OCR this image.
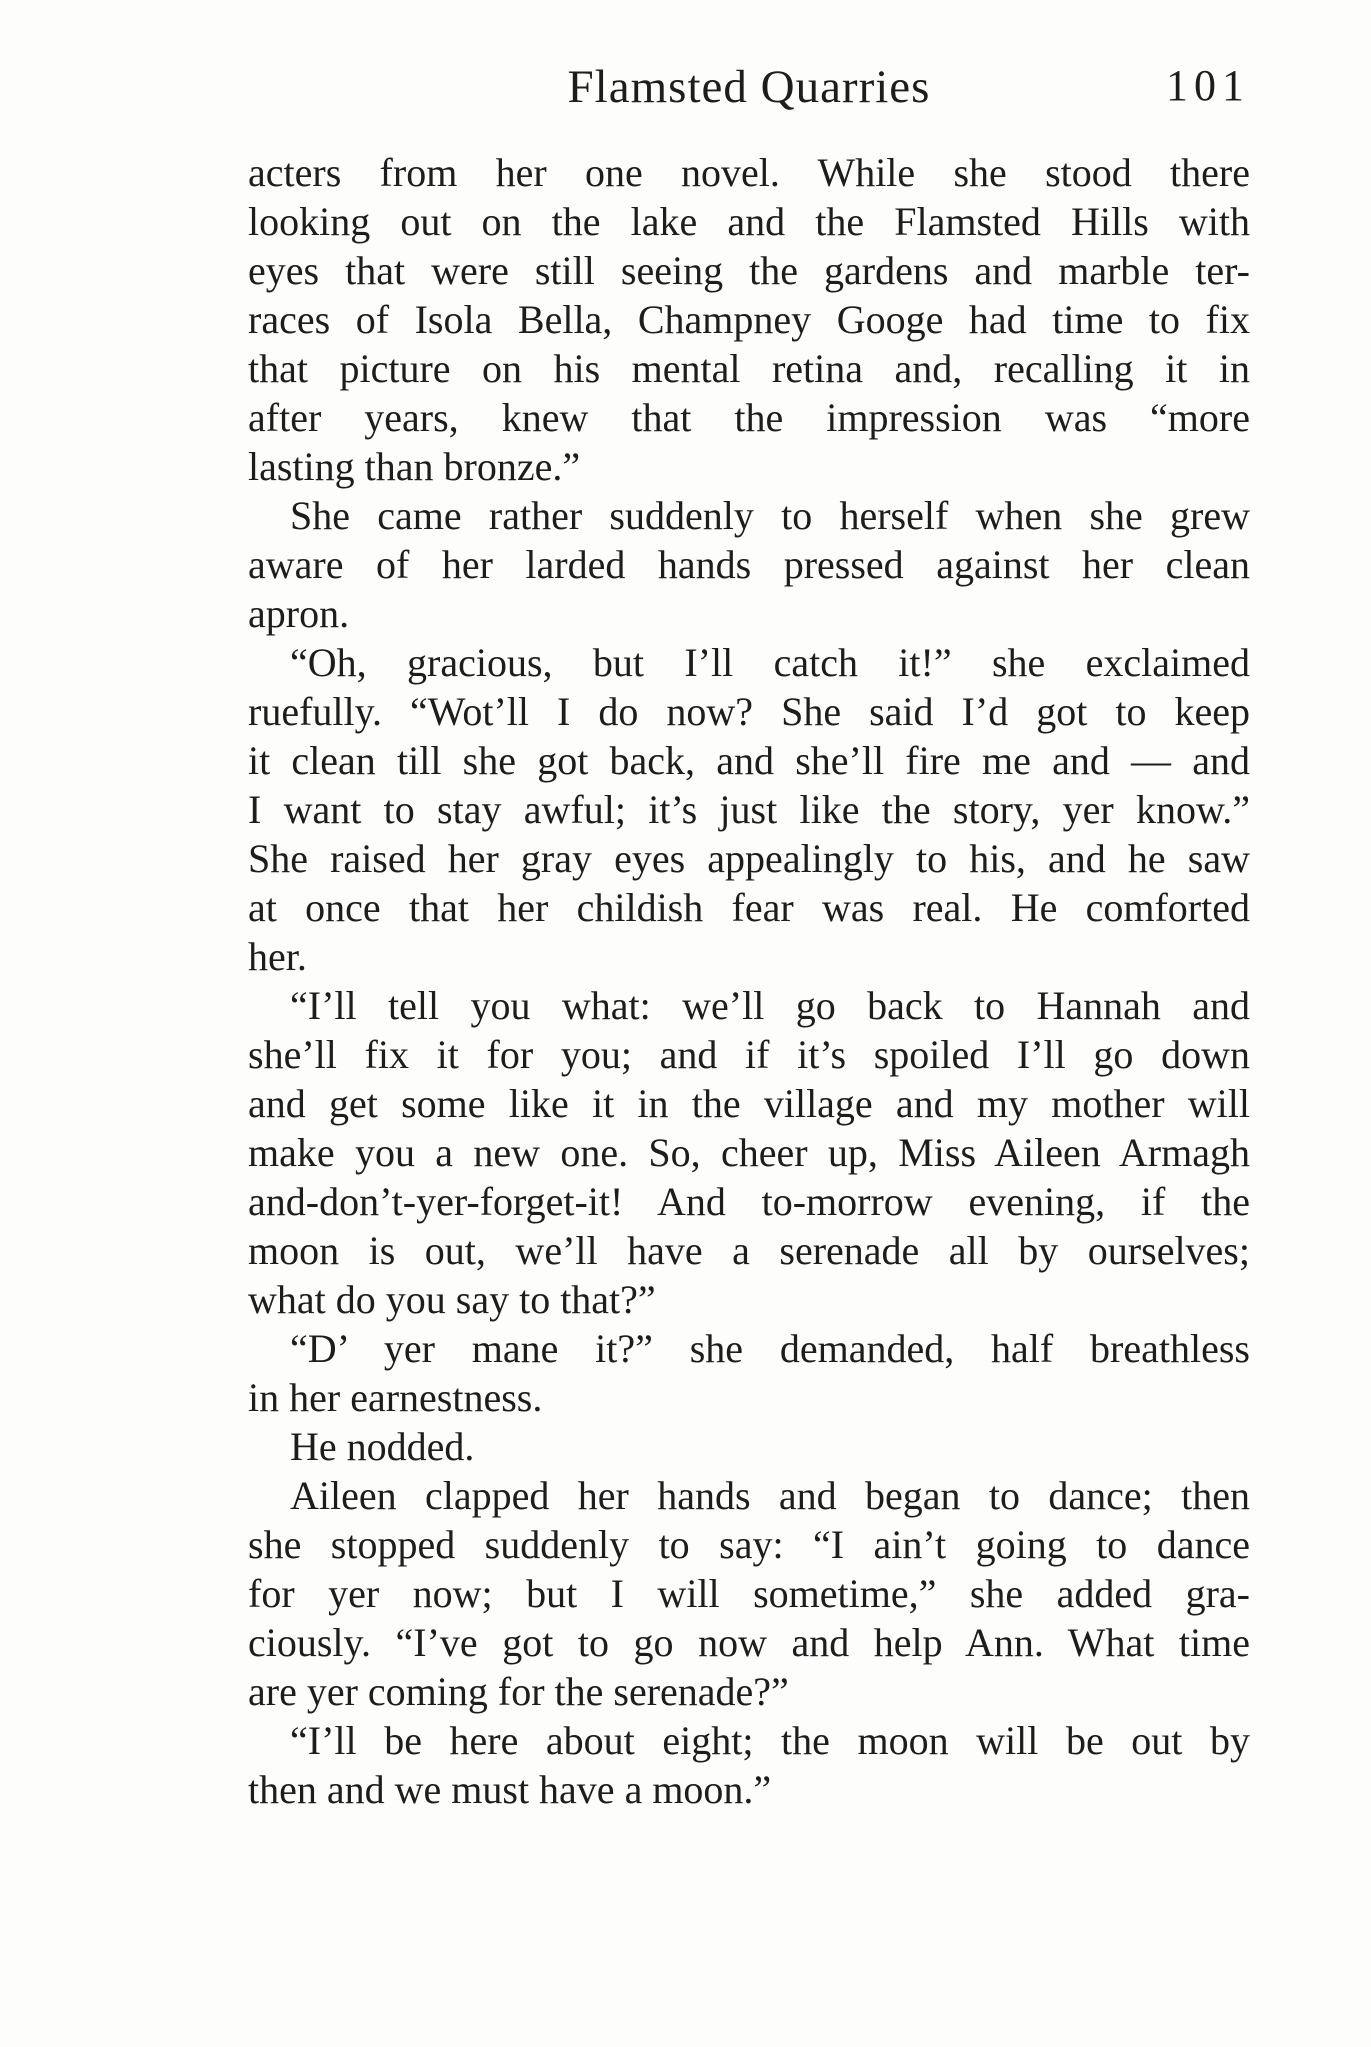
Flamsted Quarries	101
acters from her one novel. While she stood there
looking out on the lake and the Flamsted Hills with
eyes that were still seeing the gardens and marble ter-
races of Isola Bella, Champney Googe had time to fix
that picture on his mental retina and, recalling it in
after years, knew that the impression was “more
lasting than bronze.”
She came rather suddenly to herself when she grew
aware of her larded hands pressed against her clean
apron.
“Oh, gracious, but I’ll catch it!” she exclaimed
ruefully. “Wot’ll I do now? She said I’d got to keep
it clean till she got back, and she’ll fire me and — and
I want to stay awful; it’s just like the story, yer know.”
She raised her gray eyes appealingly to his, and he saw
at once that her childish fear was real. He comforted
her.
“I’ll tell you what: we’ll go back to Hannah and
she’ll fix it for you; and if it’s spoiled I’ll go down
and get some like it in the village and my mother will
make you a new one. So, cheer up, Miss Aileen Armagh
and-don’t-yer-forget-it! And to-morrow evening, if the
moon is out, we’ll have a serenade all by ourselves;
what do you say to that?”
“D’ yer mane it?” she demanded, half breathless
in her earnestness.
He nodded.
Aileen clapped her hands and began to dance; then
she stopped suddenly to say: “I ain’t going to dance
for yer now; but I will sometime,” she added gra-
ciously. “I’ve got to go now and help Ann. What time
are yer coming for the serenade?”
“I’ll be here about eight; the moon will be out by
then and we must have a moon.”
